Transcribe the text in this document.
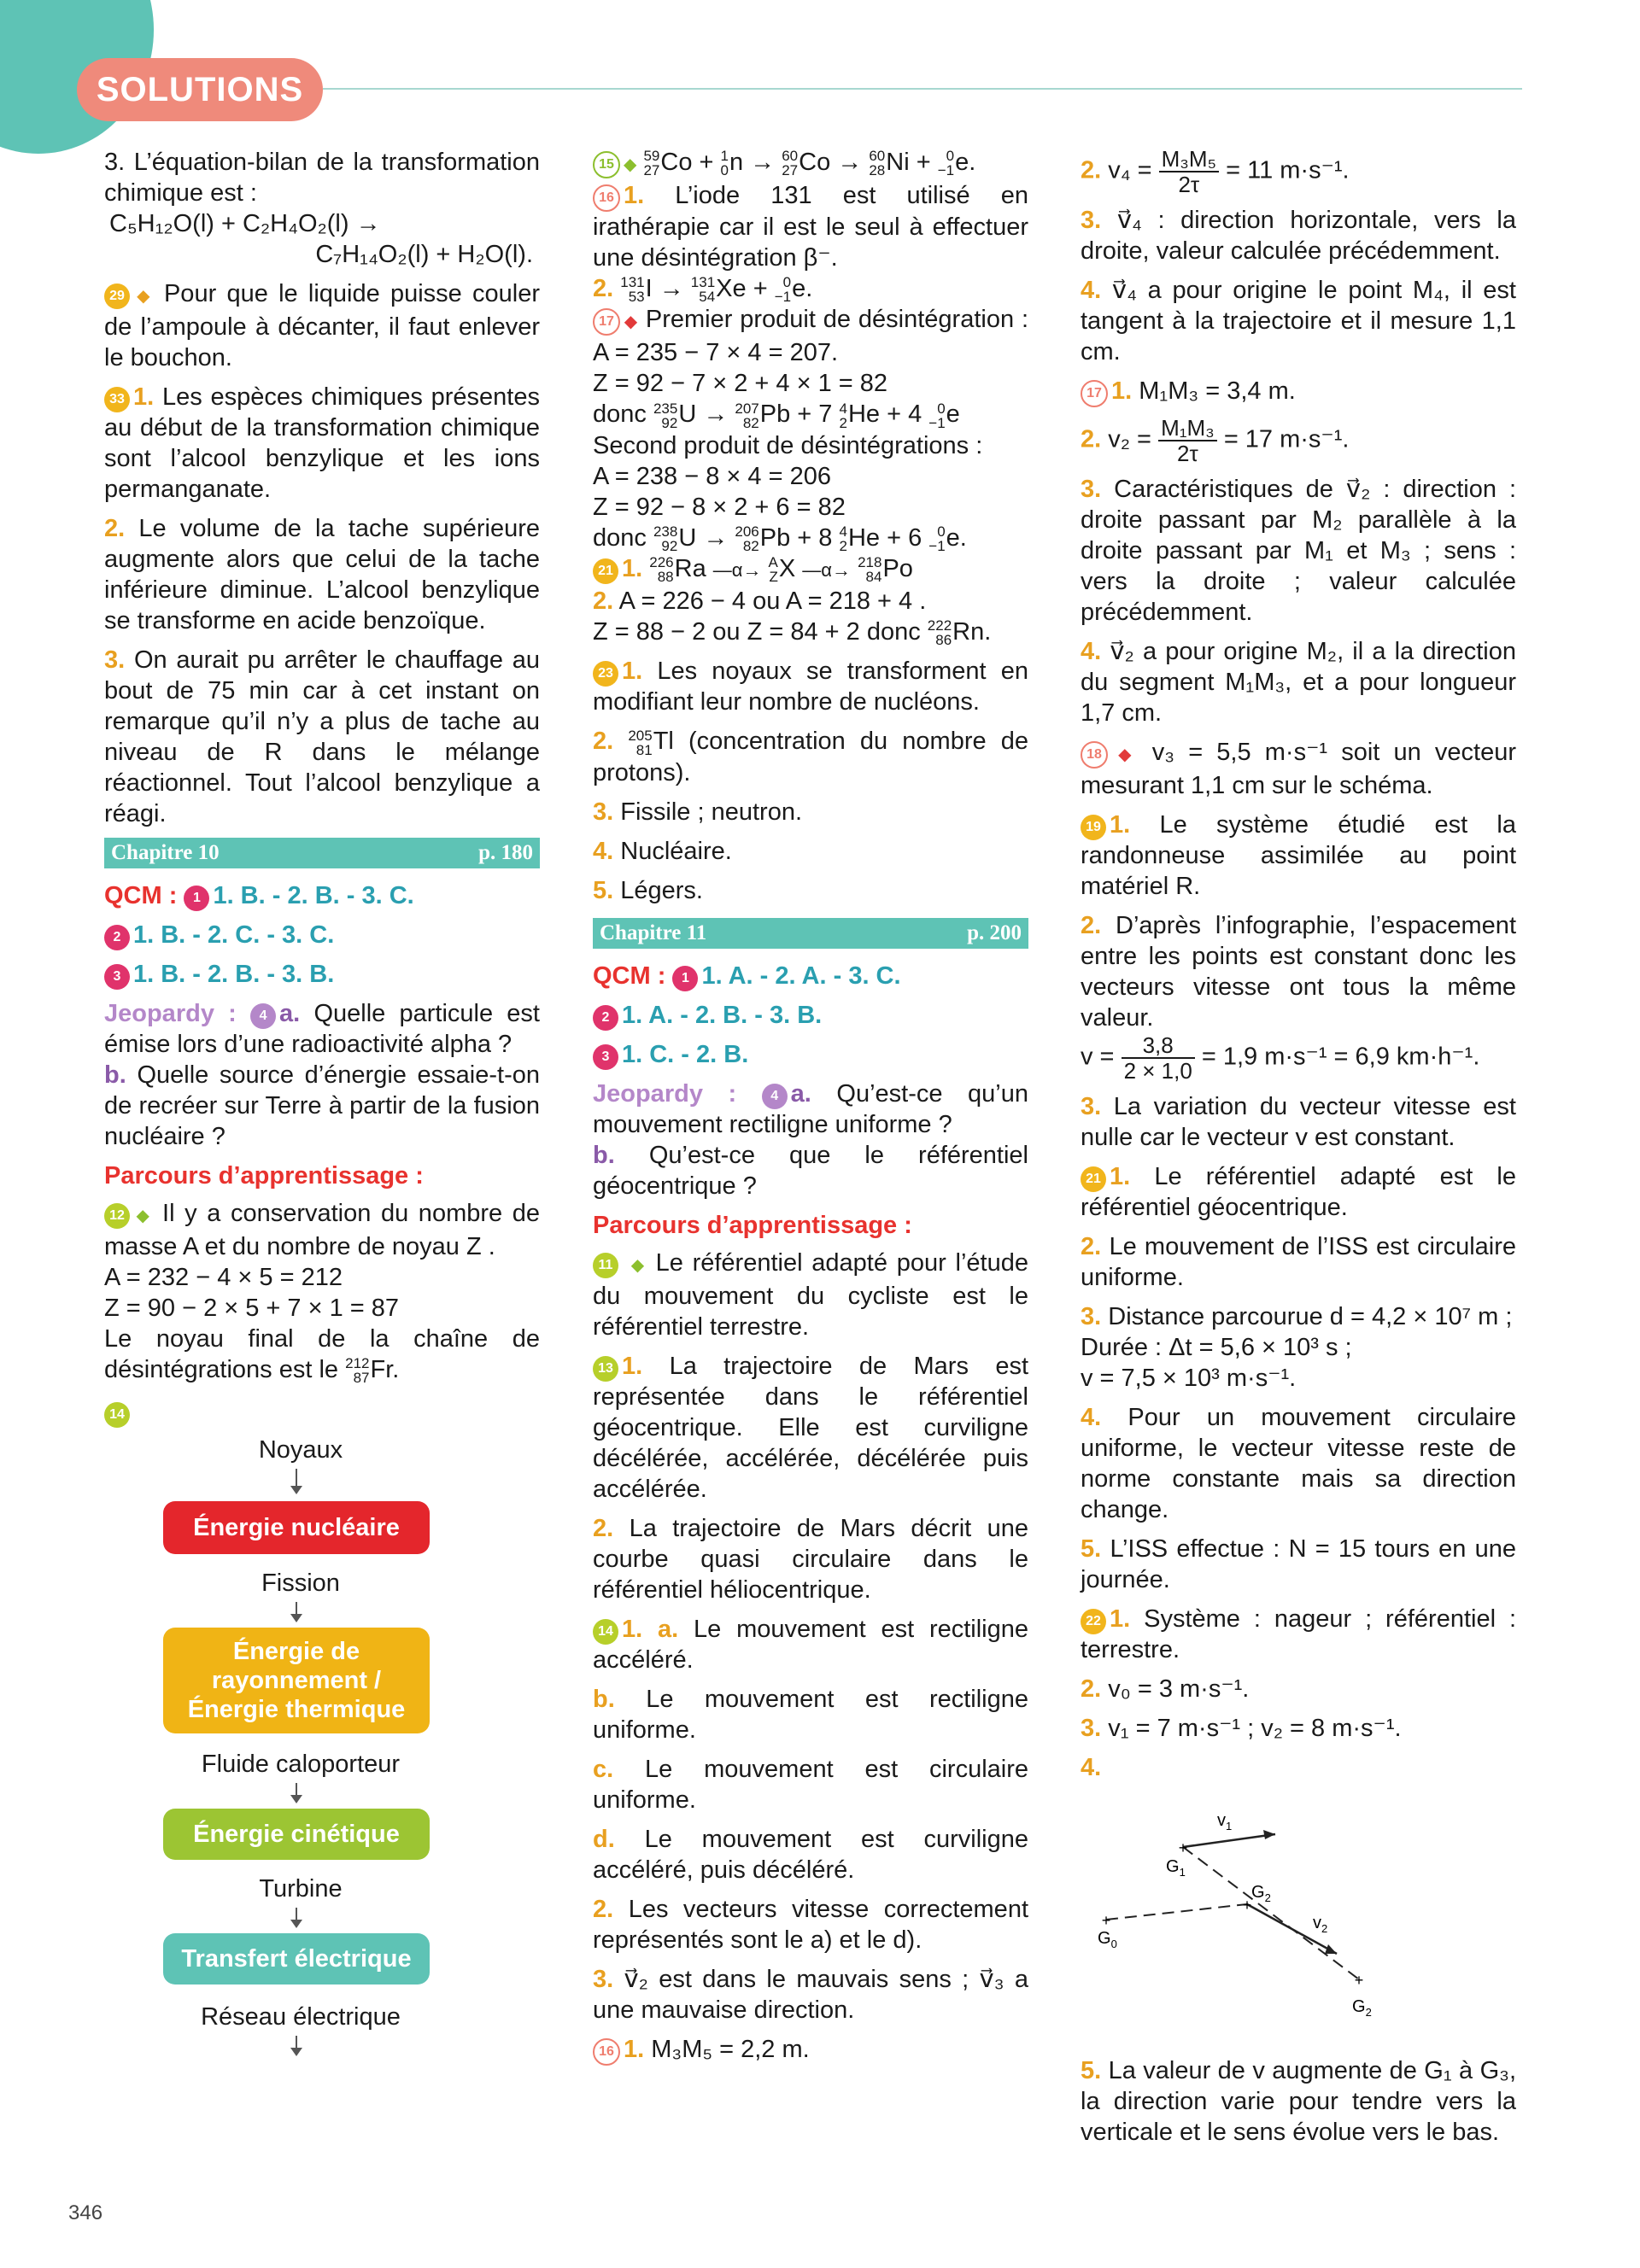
SOLUTIONS

3. L’équation-bilan de la transformation chimique est :

C₅H₁₂O(l) + C₂H₄O₂(l) →

C₇H₁₄O₂(l) + H₂O(l).

29 ◆ Pour que le liquide puisse couler de l’ampoule à décanter, il faut enlever le bouchon.

33 1. Les espèces chimiques présentes au début de la transformation chimique sont l’alcool benzylique et les ions permanganate.

2. Le volume de la tache supérieure augmente alors que celui de la tache inférieure diminue. L’alcool benzylique se transforme en acide benzoïque.

3. On aurait pu arrêter le chauffage au bout de 75 min car à cet instant on remarque qu’il n’y a plus de tache au niveau de R dans le mélange réactionnel. Tout l’alcool benzylique a réagi.

Chapitre 10	p. 180

QCM : 1 1. B. - 2. B. - 3. C.

2 1. B. - 2. C. - 3. C.

3 1. B. - 2. B. - 3. B.

Jeopardy : 4 a. Quelle particule est émise lors d’une radioactivité alpha ?

b. Quelle source d’énergie essaie-t-on de recréer sur Terre à partir de la fusion nucléaire ?

Parcours d’apprentissage :

12 ◆ Il y a conservation du nombre de masse A et du nombre de noyau Z .

A = 232 − 4 × 5 = 212

Z = 90 − 2 × 5 + 7 × 1 = 87

Le noyau final de la chaîne de désintégrations est le 212
87Fr.

14
Noyaux
Énergie nucléaire
Fission
Énergie de rayonnement / Énergie thermique
Fluide caloporteur
Énergie cinétique
Turbine
Transfert électrique
Réseau électrique

15 ◆ 59
27Co + 1
0n → 60
27Co → 60
28Ni + 0
−1e.

16 1. L’iode 131 est utilisé en irathérapie car il est le seul à effectuer une désintégration β⁻.

2. 131
53I → 131
54Xe + 0
−1e.

17 ◆ Premier produit de désintégration : A = 235 − 7 × 4 = 207.

Z = 92 − 7 × 2 + 4 × 1 = 82

donc 235
92U → 207
82Pb + 7 4
2He + 4 0
−1e

Second produit de désintégrations :

A = 238 − 8 × 4 = 206

Z = 92 − 8 × 2 + 6 = 82

donc 238
92U → 206
82Pb + 8 4
2He + 6 0
−1e.

21 1. 226
88Ra —α→ A
ZX —α→ 218
84Po

2. A = 226 − 4 ou A = 218 + 4 .

Z = 88 − 2 ou Z = 84 + 2 donc 222
86Rn.

23 1. Les noyaux se transforment en modifiant leur nombre de nucléons.

2. 205
81Tl (concentration du nombre de protons).

3. Fissile ; neutron.

4. Nucléaire.

5. Légers.

Chapitre 11	p. 200

QCM : 1 1. A. - 2. A. - 3. C.

2 1. A. - 2. B. - 3. B.

3 1. C. - 2. B.

Jeopardy :	4 a. Qu’est-ce qu’un mouvement rectiligne uniforme ?

b. Qu’est-ce que le référentiel géocentrique ?

Parcours d’apprentissage :

11 ◆ Le référentiel adapté pour l’étude du mouvement du cycliste est le référentiel terrestre.

13 1. La trajectoire de Mars est représentée dans le référentiel géocentrique. Elle est curviligne décélérée, accélérée, décélérée puis accélérée.

2. La trajectoire de Mars décrit une courbe quasi circulaire dans le référentiel héliocentrique.

14 1. a. Le mouvement est rectiligne accéléré.

b. Le mouvement est rectiligne uniforme.

c. Le mouvement est circulaire uniforme.

d. Le mouvement est curviligne accéléré, puis décéléré.

2. Les vecteurs vitesse correctement représentés sont le a) et le d).

3. v⃗₂ est dans le mauvais sens ; v⃗₃ a une mauvaise direction.

16 1. M₃M₅ = 2,2 m.

2. $v_4 = \frac{\text{M₃M₅}}{2\tau} = 11$ m·s⁻¹.

3. v⃗₄ : direction horizontale, vers la droite, valeur calculée précédemment.

4. v⃗₄ a pour origine le point M₄, il est tangent à la trajectoire et il mesure 1,1 cm.

17 1. M₁M₃ = 3,4 m.

2. $v_2 = \frac{\text{M₁M₃}}{2\tau} = 17$ m·s⁻¹.

3. Caractéristiques de v⃗₂ : direction : droite passant par M₂ parallèle à la droite passant par M₁ et M₃ ; sens : vers la droite ; valeur calculée précédemment.

4. v⃗₂ a pour origine M₂, il a la direction du segment M₁M₃, et a pour longueur 1,7 cm.

18 ◆ v₃ = 5,5 m·s⁻¹ soit un vecteur mesurant 1,1 cm sur le schéma.

19 1. Le système étudié est la randonneuse assimilée au point matériel R.

2. D’après l’infographie, l’espacement entre les points est constant donc les vecteurs vitesse ont tous la même valeur.

$v = \frac{3,8}{2 \times 1,0} = 1,9$ m·s⁻¹ = 6,9 km·h⁻¹.

3. La variation du vecteur vitesse est nulle car le vecteur v est constant.

21 1. Le référentiel adapté est le référentiel géocentrique.

2. Le mouvement de l’ISS est circulaire uniforme.

3. Distance parcourue d = 4,2 × 10⁷ m ;

Durée : Δt = 5,6 × 10³ s ;

v = 7,5 × 10³ m·s⁻¹.

4. Pour un mouvement circulaire uniforme, le vecteur vitesse reste de norme constante mais sa direction change.

5. L’ISS effectue : N = 15 tours en une journée.

22 1. Système : nageur ; référentiel : terrestre.

2. v₀ = 3 m·s⁻¹.

3. v₁ = 7 m·s⁻¹ ; v₂ = 8 m·s⁻¹.

4.

+
+
+
+
$G_0$
$G_1$
$G_2$
$G_2$
$v_1$
$v_2$

5. La valeur de v augmente de G₁ à G₃, la direction varie pour tendre vers la verticale et le sens évolue vers le bas.

346
